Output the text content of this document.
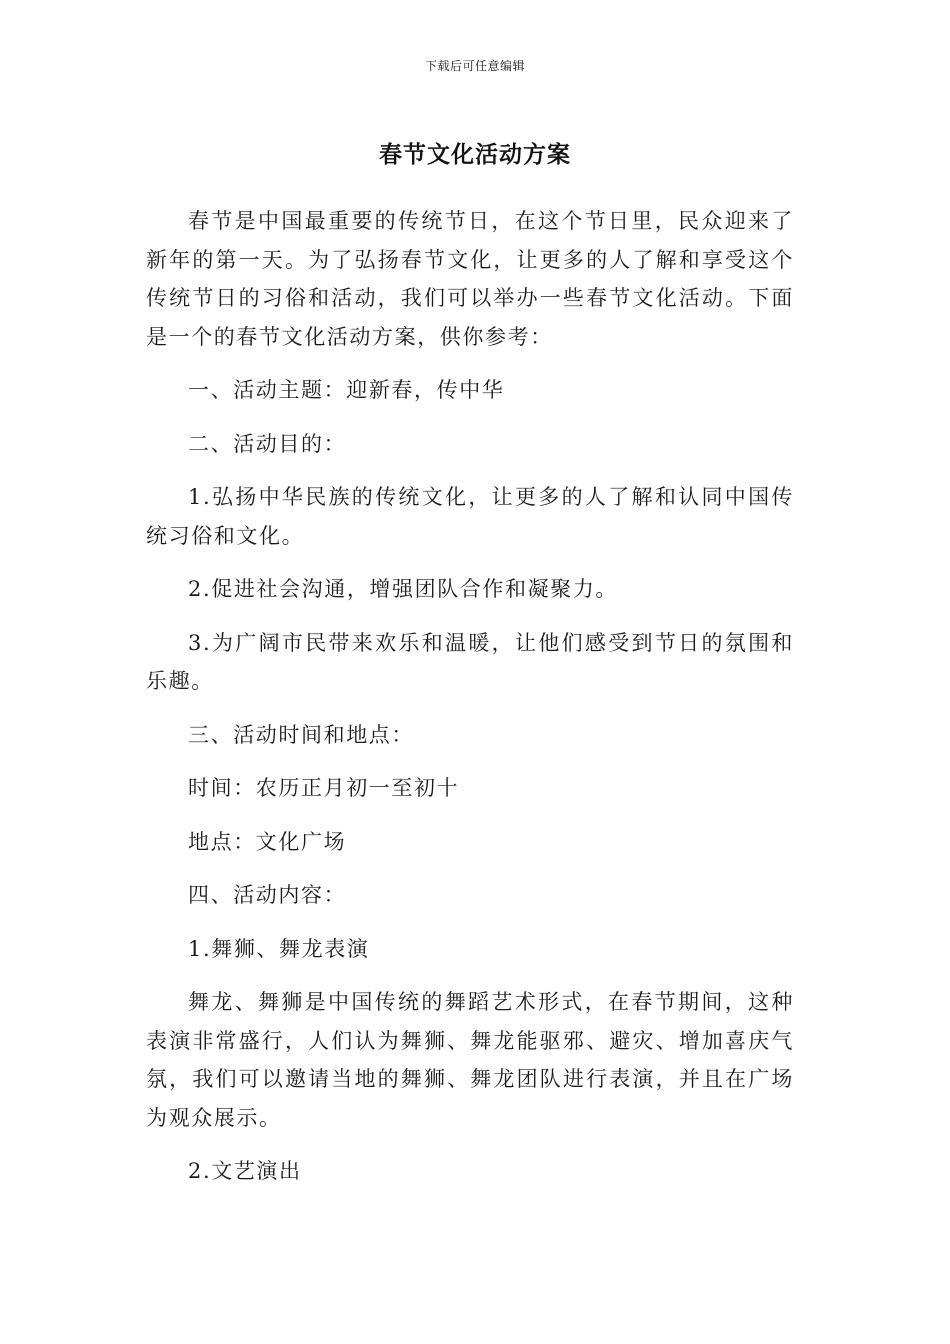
下载后可任意编辑
春节文化活动方案

春节是中国最重要的传统节日，在这个节日里，民众迎来了新年的第一天。为了弘扬春节文化，让更多的人了解和享受这个传统节日的习俗和活动，我们可以举办一些春节文化活动。下面是一个的春节文化活动方案，供你参考：

一、活动主题：迎新春，传中华

二、活动目的：

1.弘扬中华民族的传统文化，让更多的人了解和认同中国传统习俗和文化。

2.促进社会沟通，增强团队合作和凝聚力。

3.为广阔市民带来欢乐和温暖，让他们感受到节日的氛围和乐趣。

三、活动时间和地点：

时间：农历正月初一至初十

地点：文化广场

四、活动内容：

1.舞狮、舞龙表演

舞龙、舞狮是中国传统的舞蹈艺术形式，在春节期间，这种表演非常盛行，人们认为舞狮、舞龙能驱邪、避灾、增加喜庆气氛，我们可以邀请当地的舞狮、舞龙团队进行表演，并且在广场为观众展示。

2.文艺演出
